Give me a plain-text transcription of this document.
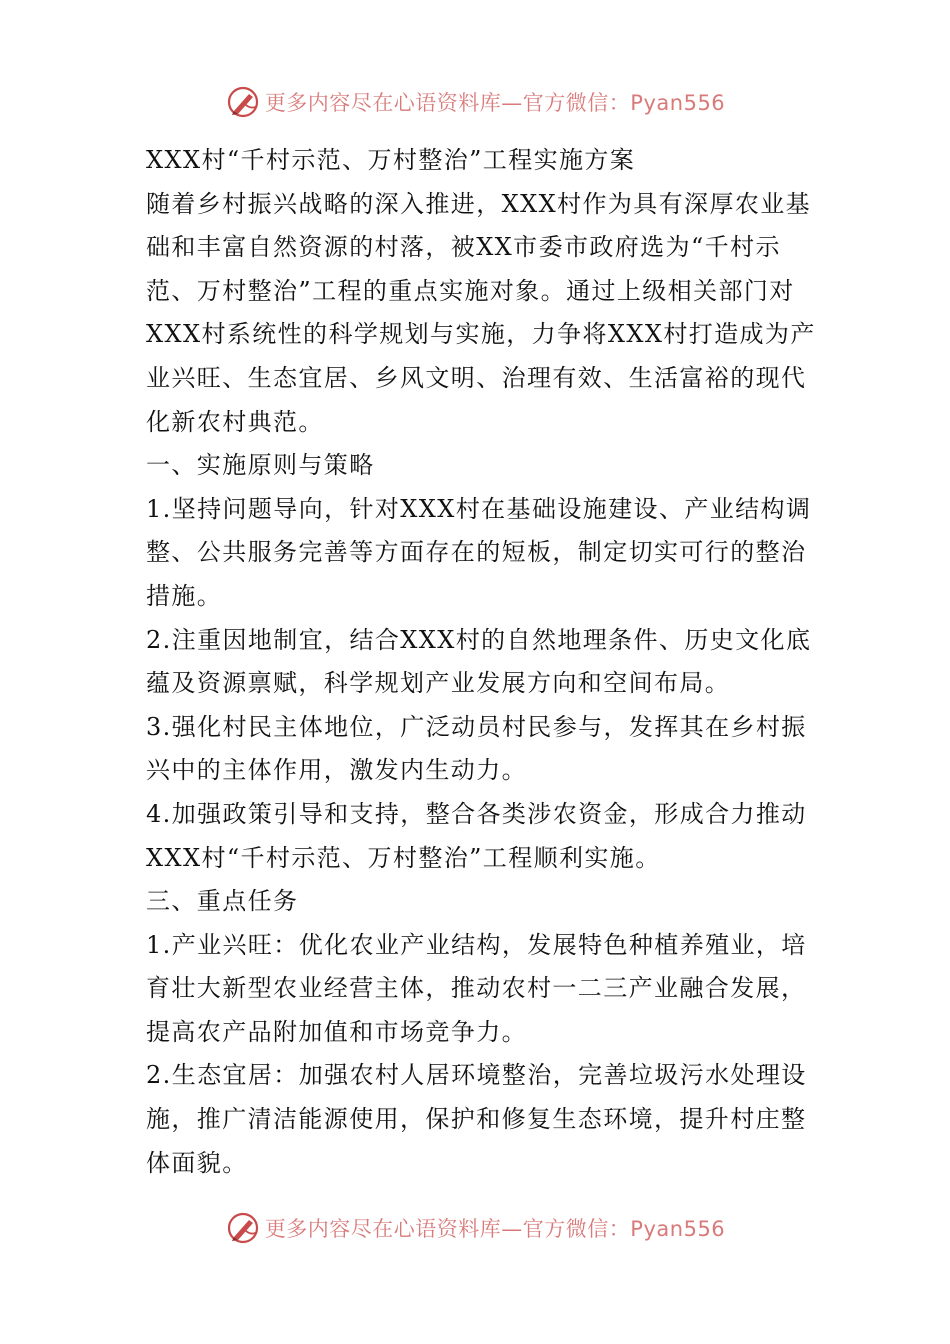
更多内容尽在心语资料库—官方微信：Pyan556
XXX村“千村示范、万村整治”工程实施方案
随着乡村振兴战略的深入推进，XXX村作为具有深厚农业基
础和丰富自然资源的村落，被XX市委市政府选为“千村示
范、万村整治”工程的重点实施对象。通过上级相关部门对
XXX村系统性的科学规划与实施，力争将XXX村打造成为产
业兴旺、生态宜居、乡风文明、治理有效、生活富裕的现代
化新农村典范。
一、实施原则与策略
1.坚持问题导向，针对XXX村在基础设施建设、产业结构调
整、公共服务完善等方面存在的短板，制定切实可行的整治
措施。
2.注重因地制宜，结合XXX村的自然地理条件、历史文化底
蕴及资源禀赋，科学规划产业发展方向和空间布局。
3.强化村民主体地位，广泛动员村民参与，发挥其在乡村振
兴中的主体作用，激发内生动力。
4.加强政策引导和支持，整合各类涉农资金，形成合力推动
XXX村“千村示范、万村整治”工程顺利实施。
三、重点任务
1.产业兴旺：优化农业产业结构，发展特色种植养殖业，培
育壮大新型农业经营主体，推动农村一二三产业融合发展，
提高农产品附加值和市场竞争力。
2.生态宜居：加强农村人居环境整治，完善垃圾污水处理设
施，推广清洁能源使用，保护和修复生态环境，提升村庄整
体面貌。
更多内容尽在心语资料库—官方微信：Pyan556
